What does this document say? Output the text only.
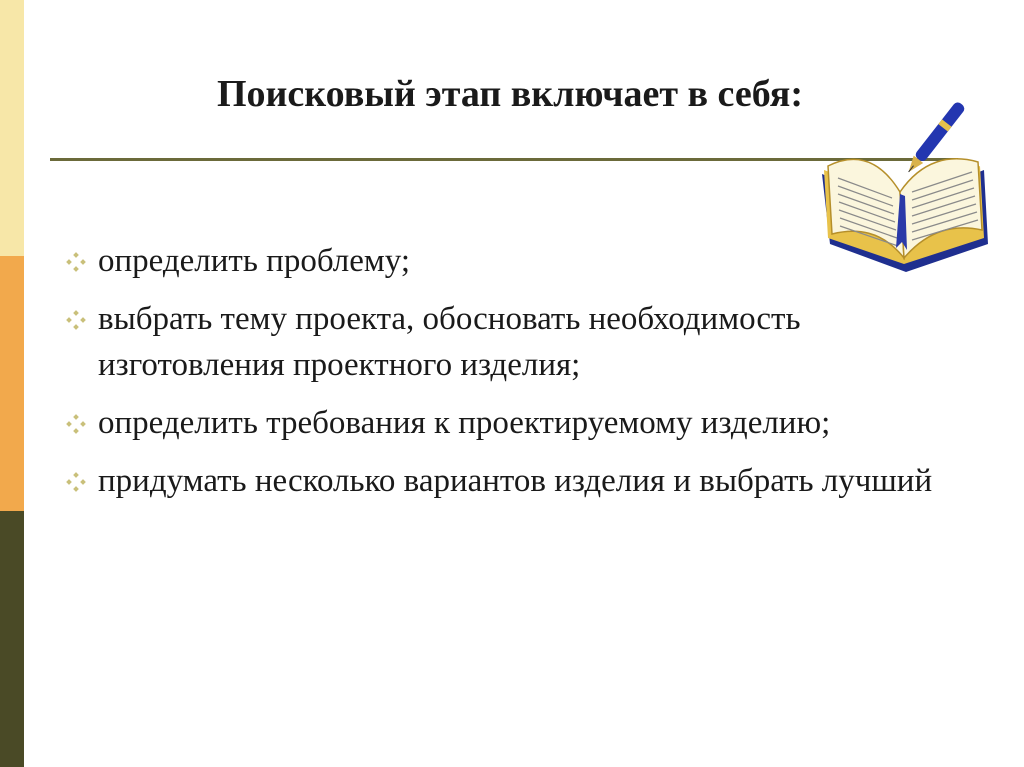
Поисковый этап включает в себя:
определить проблему;
выбрать тему проекта, обосновать необходимость изготовления проектного изделия;
определить требования к проектируемому изделию;
придумать несколько вариантов изделия и выбрать лучший
